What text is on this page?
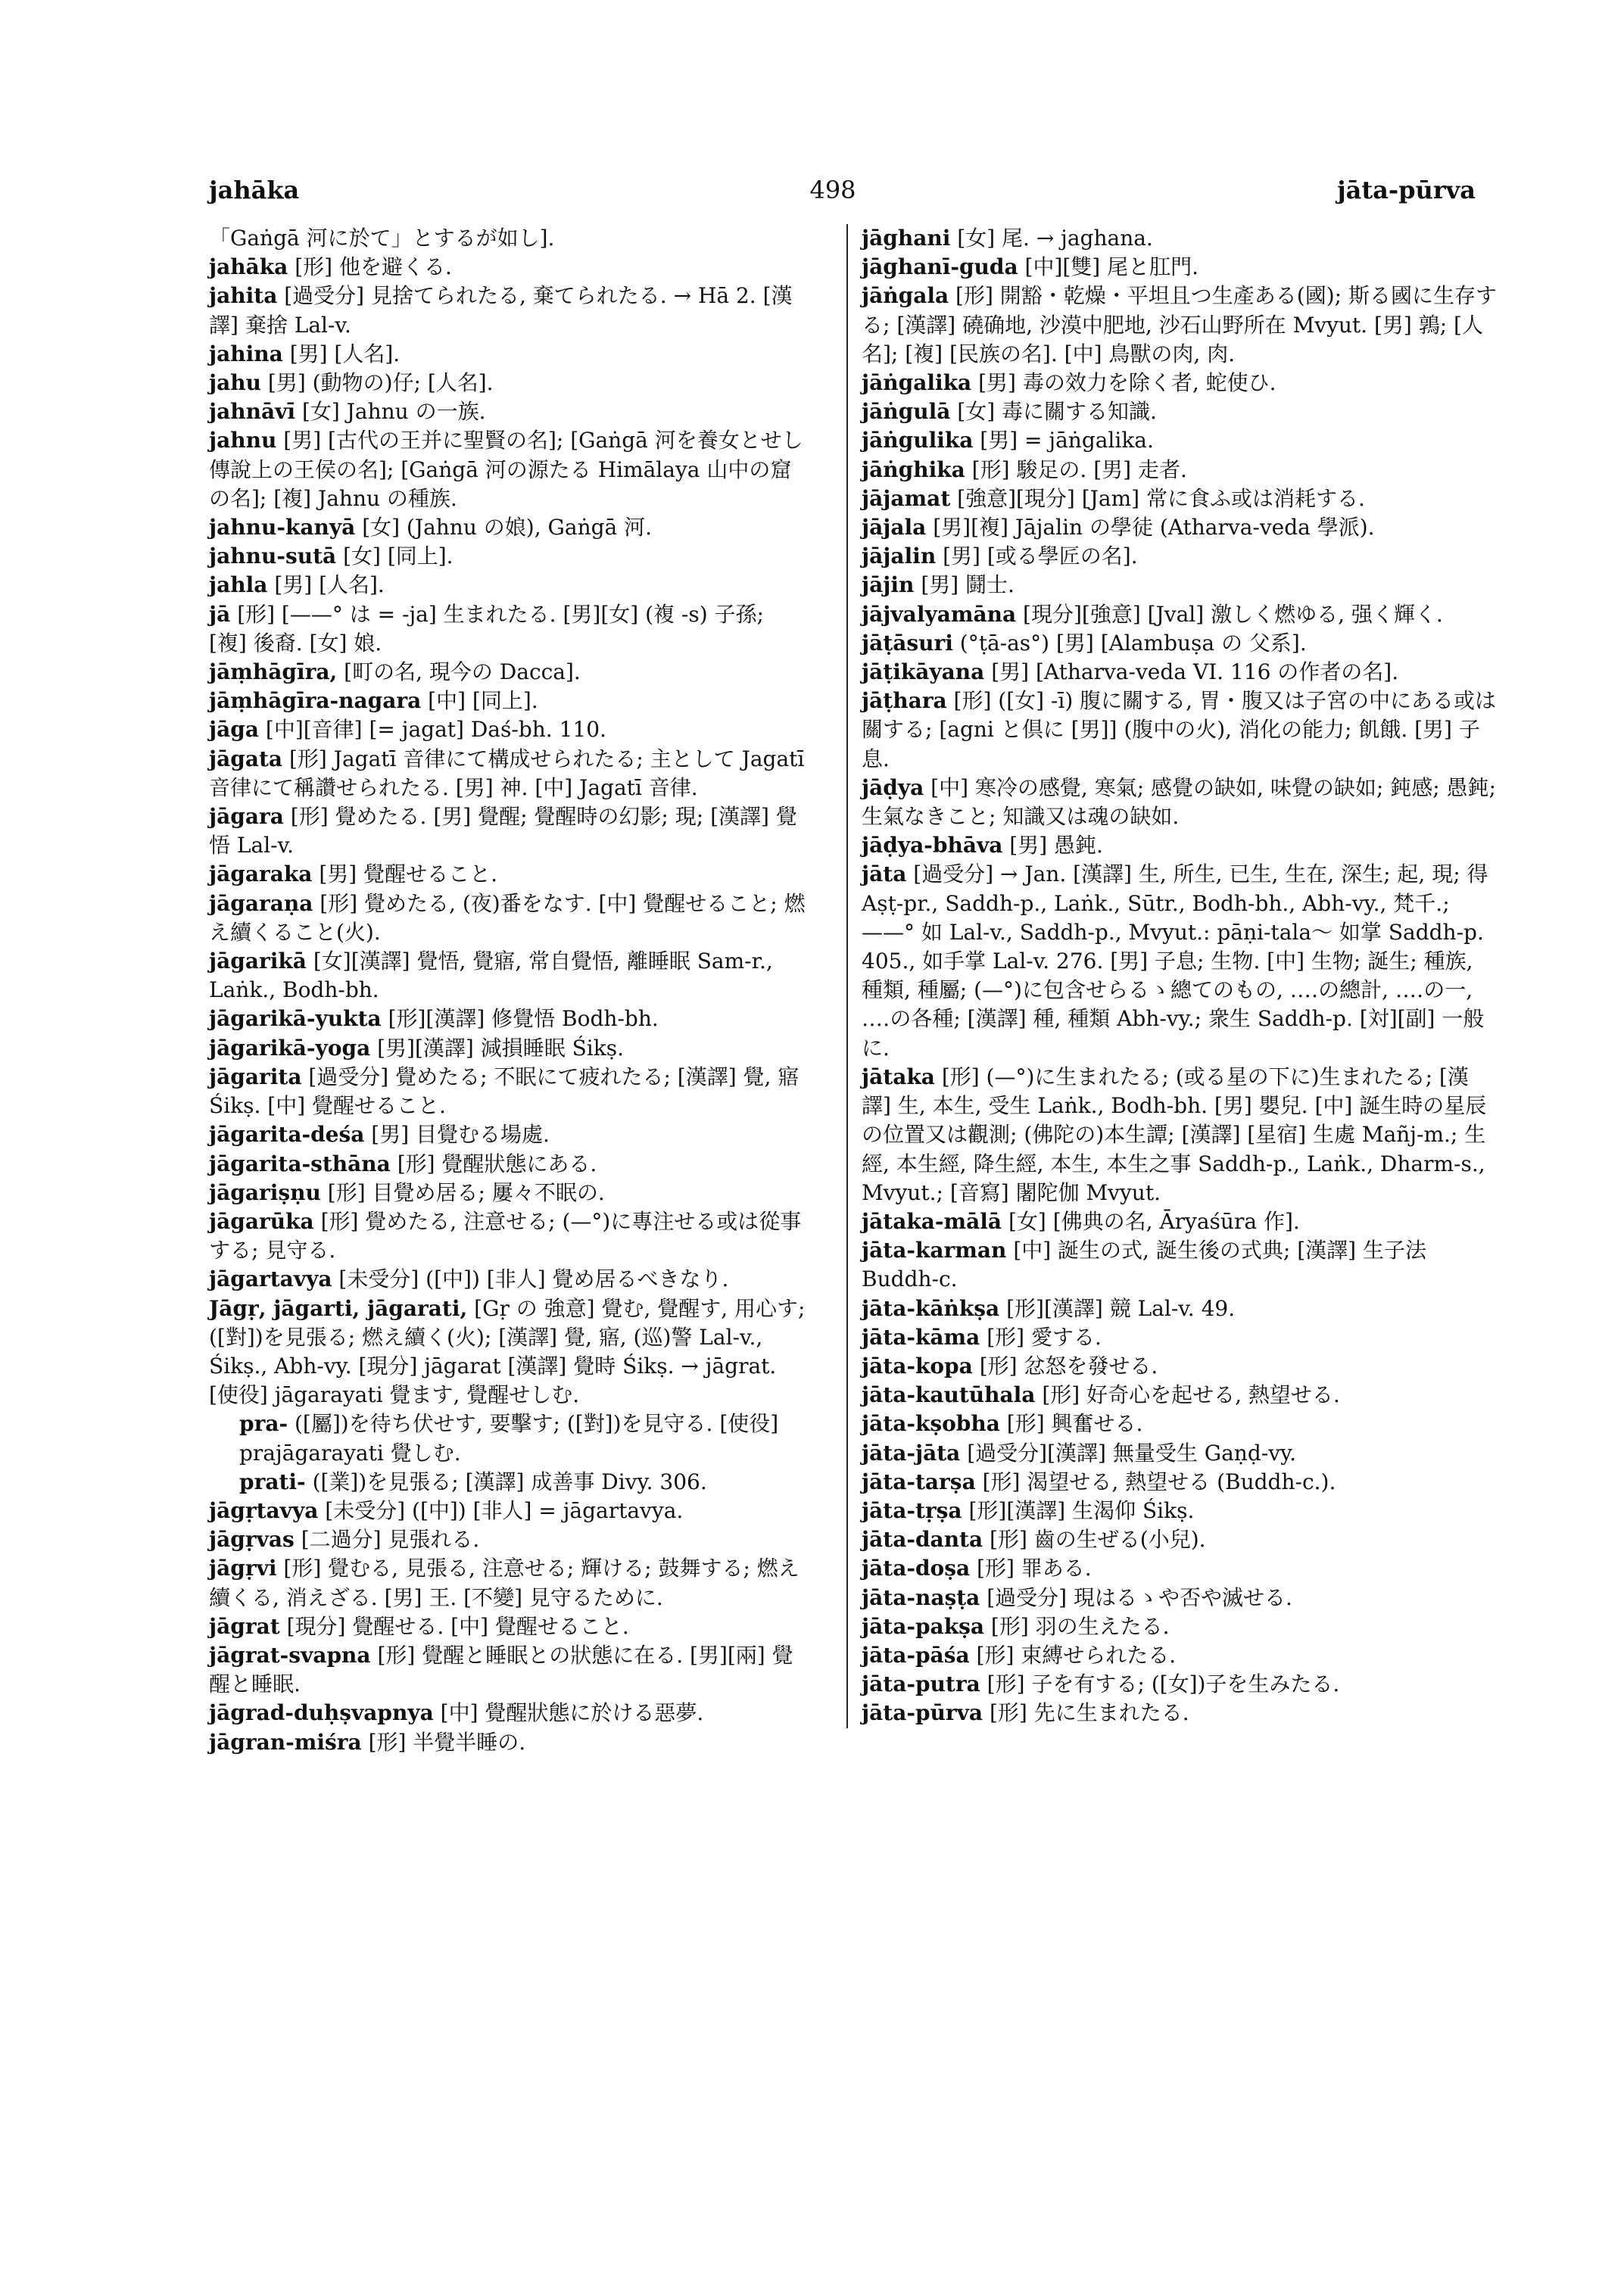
jahāka	498	jāta-pūrva
「Gaṅgā 河に於て」とするが如し].
jahāka [形] 他を避くる.
jahita [過受分] 見捨てられたる, 棄てられたる. → Hā 2. [漢譯] 棄捨 Lal-v.
jahina [男] [人名].
jahu [男] (動物の)仔; [人名].
jahnāvī [女] Jahnu の一族.
jahnu [男] [古代の王并に聖賢の名]; [Gaṅgā 河を養女とせし傳說上の王侯の名]; [Gaṅgā 河の源たる Himālaya 山中の窟の名]; [複] Jahnu の種族.
jahnu-kanyā [女] (Jahnu の娘), Gaṅgā 河.
jahnu-sutā [女] [同上].
jahla [男] [人名].
jā [形] [——° は = -ja] 生まれたる. [男][女] (複 -s) 子孫; [複] 後裔. [女] 娘.
jāṃhāgīra, [町の名, 現今の Dacca].
jāṃhāgīra-nagara [中] [同上].
jāga [中][音律] [= jagat] Daś-bh. 110.
jāgata [形] Jagatī 音律にて構成せられたる; 主として Jagatī 音律にて稱讚せられたる. [男] 神. [中] Jagatī 音律.
jāgara [形] 覺めたる. [男] 覺醒; 覺醒時の幻影; 現; [漢譯] 覺悟 Lal-v.
jāgaraka [男] 覺醒せること.
jāgaraṇa [形] 覺めたる, (夜)番をなす. [中] 覺醒せること; 燃え續くること(火).
jāgarikā [女][漢譯] 覺悟, 覺寤, 常自覺悟, 離睡眠 Sam-r., Laṅk., Bodh-bh.
jāgarikā-yukta [形][漢譯] 修覺悟 Bodh-bh.
jāgarikā-yoga [男][漢譯] 減損睡眠 Śikṣ.
jāgarita [過受分] 覺めたる; 不眠にて疲れたる; [漢譯] 覺, 寤 Śikṣ. [中] 覺醒せること.
jāgarita-deśa [男] 目覺むる場處.
jāgarita-sthāna [形] 覺醒狀態にある.
jāgariṣṇu [形] 目覺め居る; 屢々不眠の.
jāgarūka [形] 覺めたる, 注意せる; (—°)に專注せる或は從事する; 見守る.
jāgartavya [未受分] ([中]) [非人] 覺め居るべきなり.
Jāgṛ, jāgarti, jāgarati, [Gṛ の 強意] 覺む, 覺醒す, 用心す; ([對])を見張る; 燃え續く(火); [漢譯] 覺, 寤, (巡)警 Lal-v., Śikṣ., Abh-vy. [現分] jāgarat [漢譯] 覺時 Śikṣ. → jāgrat. [使役] jāgarayati 覺ます, 覺醒せしむ.
pra- ([屬])を待ち伏せす, 要擊す; ([對])を見守る. [使役] prajāgarayati 覺しむ.
prati- ([業])を見張る; [漢譯] 成善事 Divy. 306.
jāgṛtavya [未受分] ([中]) [非人] = jāgartavya.
jāgṛvas [二過分] 見張れる.
jāgṛvi [形] 覺むる, 見張る, 注意せる; 輝ける; 鼓舞する; 燃え續くる, 消えざる. [男] 王. [不變] 見守るために.
jāgrat [現分] 覺醒せる. [中] 覺醒せること.
jāgrat-svapna [形] 覺醒と睡眠との狀態に在る. [男][兩] 覺醒と睡眠.
jāgrad-duḥṣvapnya [中] 覺醒狀態に於ける惡夢.
jāgran-miśra [形] 半覺半睡の.
jāghani [女] 尾. → jaghana.
jāghanī-guda [中][雙] 尾と肛門.
jāṅgala [形] 開豁・乾燥・平坦且つ生產ある(國); 斯る國に生存する; [漢譯] 磽确地, 沙漠中肥地, 沙石山野所在 Mvyut. [男] 鶉; [人名]; [複] [民族の名]. [中] 鳥獸の肉, 肉.
jāṅgalika [男] 毒の效力を除く者, 蛇使ひ.
jāṅgulā [女] 毒に關する知識.
jāṅgulika [男] = jāṅgalika.
jāṅghika [形] 駿足の. [男] 走者.
jājamat [強意][現分] [Jam] 常に食ふ或は消耗する.
jājala [男][複] Jājalin の學徒 (Atharva-veda 學派).
jājalin [男] [或る學匠の名].
jājin [男] 鬪士.
jājvalyamāna [現分][強意] [Jval] 激しく燃ゆる, 强く輝く.
jāṭāsuri (°ṭā-as°) [男] [Alambuṣa の 父系].
jāṭikāyana [男] [Atharva-veda VI. 116 の作者の名].
jāṭhara [形] ([女] -ī) 腹に關する, 胃・腹又は子宮の中にある或は關する; [agni と倶に [男]] (腹中の火), 消化の能力; 飢餓. [男] 子息.
jāḍya [中] 寒冷の感覺, 寒氣; 感覺の缺如, 味覺の缺如; 鈍感; 愚鈍; 生氣なきこと; 知識又は魂の缺如.
jāḍya-bhāva [男] 愚鈍.
jāta [過受分] → Jan. [漢譯] 生, 所生, 已生, 生在, 深生; 起, 現; 得 Aṣṭ-pr., Saddh-p., Laṅk., Sūtr., Bodh-bh., Abh-vy., 梵千.; ——° 如 Lal-v., Saddh-p., Mvyut.: pāṇi-tala〜 如掌 Saddh-p. 405., 如手掌 Lal-v. 276. [男] 子息; 生物. [中] 生物; 誕生; 種族, 種類, 種屬; (—°)に包含せらるゝ總てのもの, ‥‥の總計, ‥‥の一, ‥‥の各種; [漢譯] 種, 種類 Abh-vy.; 衆生 Saddh-p. [対][副] 一般に.
jātaka [形] (—°)に生まれたる; (或る星の下に)生まれたる; [漢譯] 生, 本生, 受生 Laṅk., Bodh-bh. [男] 嬰兒. [中] 誕生時の星辰の位置又は觀測; (佛陀の)本生譚; [漢譯] [星宿] 生處 Mañj-m.; 生經, 本生經, 降生經, 本生, 本生之事 Saddh-p., Laṅk., Dharm-s., Mvyut.; [音寫] 闍陀伽 Mvyut.
jātaka-mālā [女] [佛典の名, Āryaśūra 作].
jāta-karman [中] 誕生の式, 誕生後の式典; [漢譯] 生子法 Buddh-c.
jāta-kāṅkṣa [形][漢譯] 競 Lal-v. 49.
jāta-kāma [形] 愛する.
jāta-kopa [形] 忿怒を發せる.
jāta-kautūhala [形] 好奇心を起せる, 熱望せる.
jāta-kṣobha [形] 興奮せる.
jāta-jāta [過受分][漢譯] 無量受生 Gaṇḍ-vy.
jāta-tarṣa [形] 渴望せる, 熱望せる (Buddh-c.).
jāta-tṛṣa [形][漢譯] 生渴仰 Śikṣ.
jāta-danta [形] 齒の生ぜる(小兒).
jāta-doṣa [形] 罪ある.
jāta-naṣṭa [過受分] 現はるゝや否や滅せる.
jāta-pakṣa [形] 羽の生えたる.
jāta-pāśa [形] 束縛せられたる.
jāta-putra [形] 子を有する; ([女])子を生みたる.
jāta-pūrva [形] 先に生まれたる.
